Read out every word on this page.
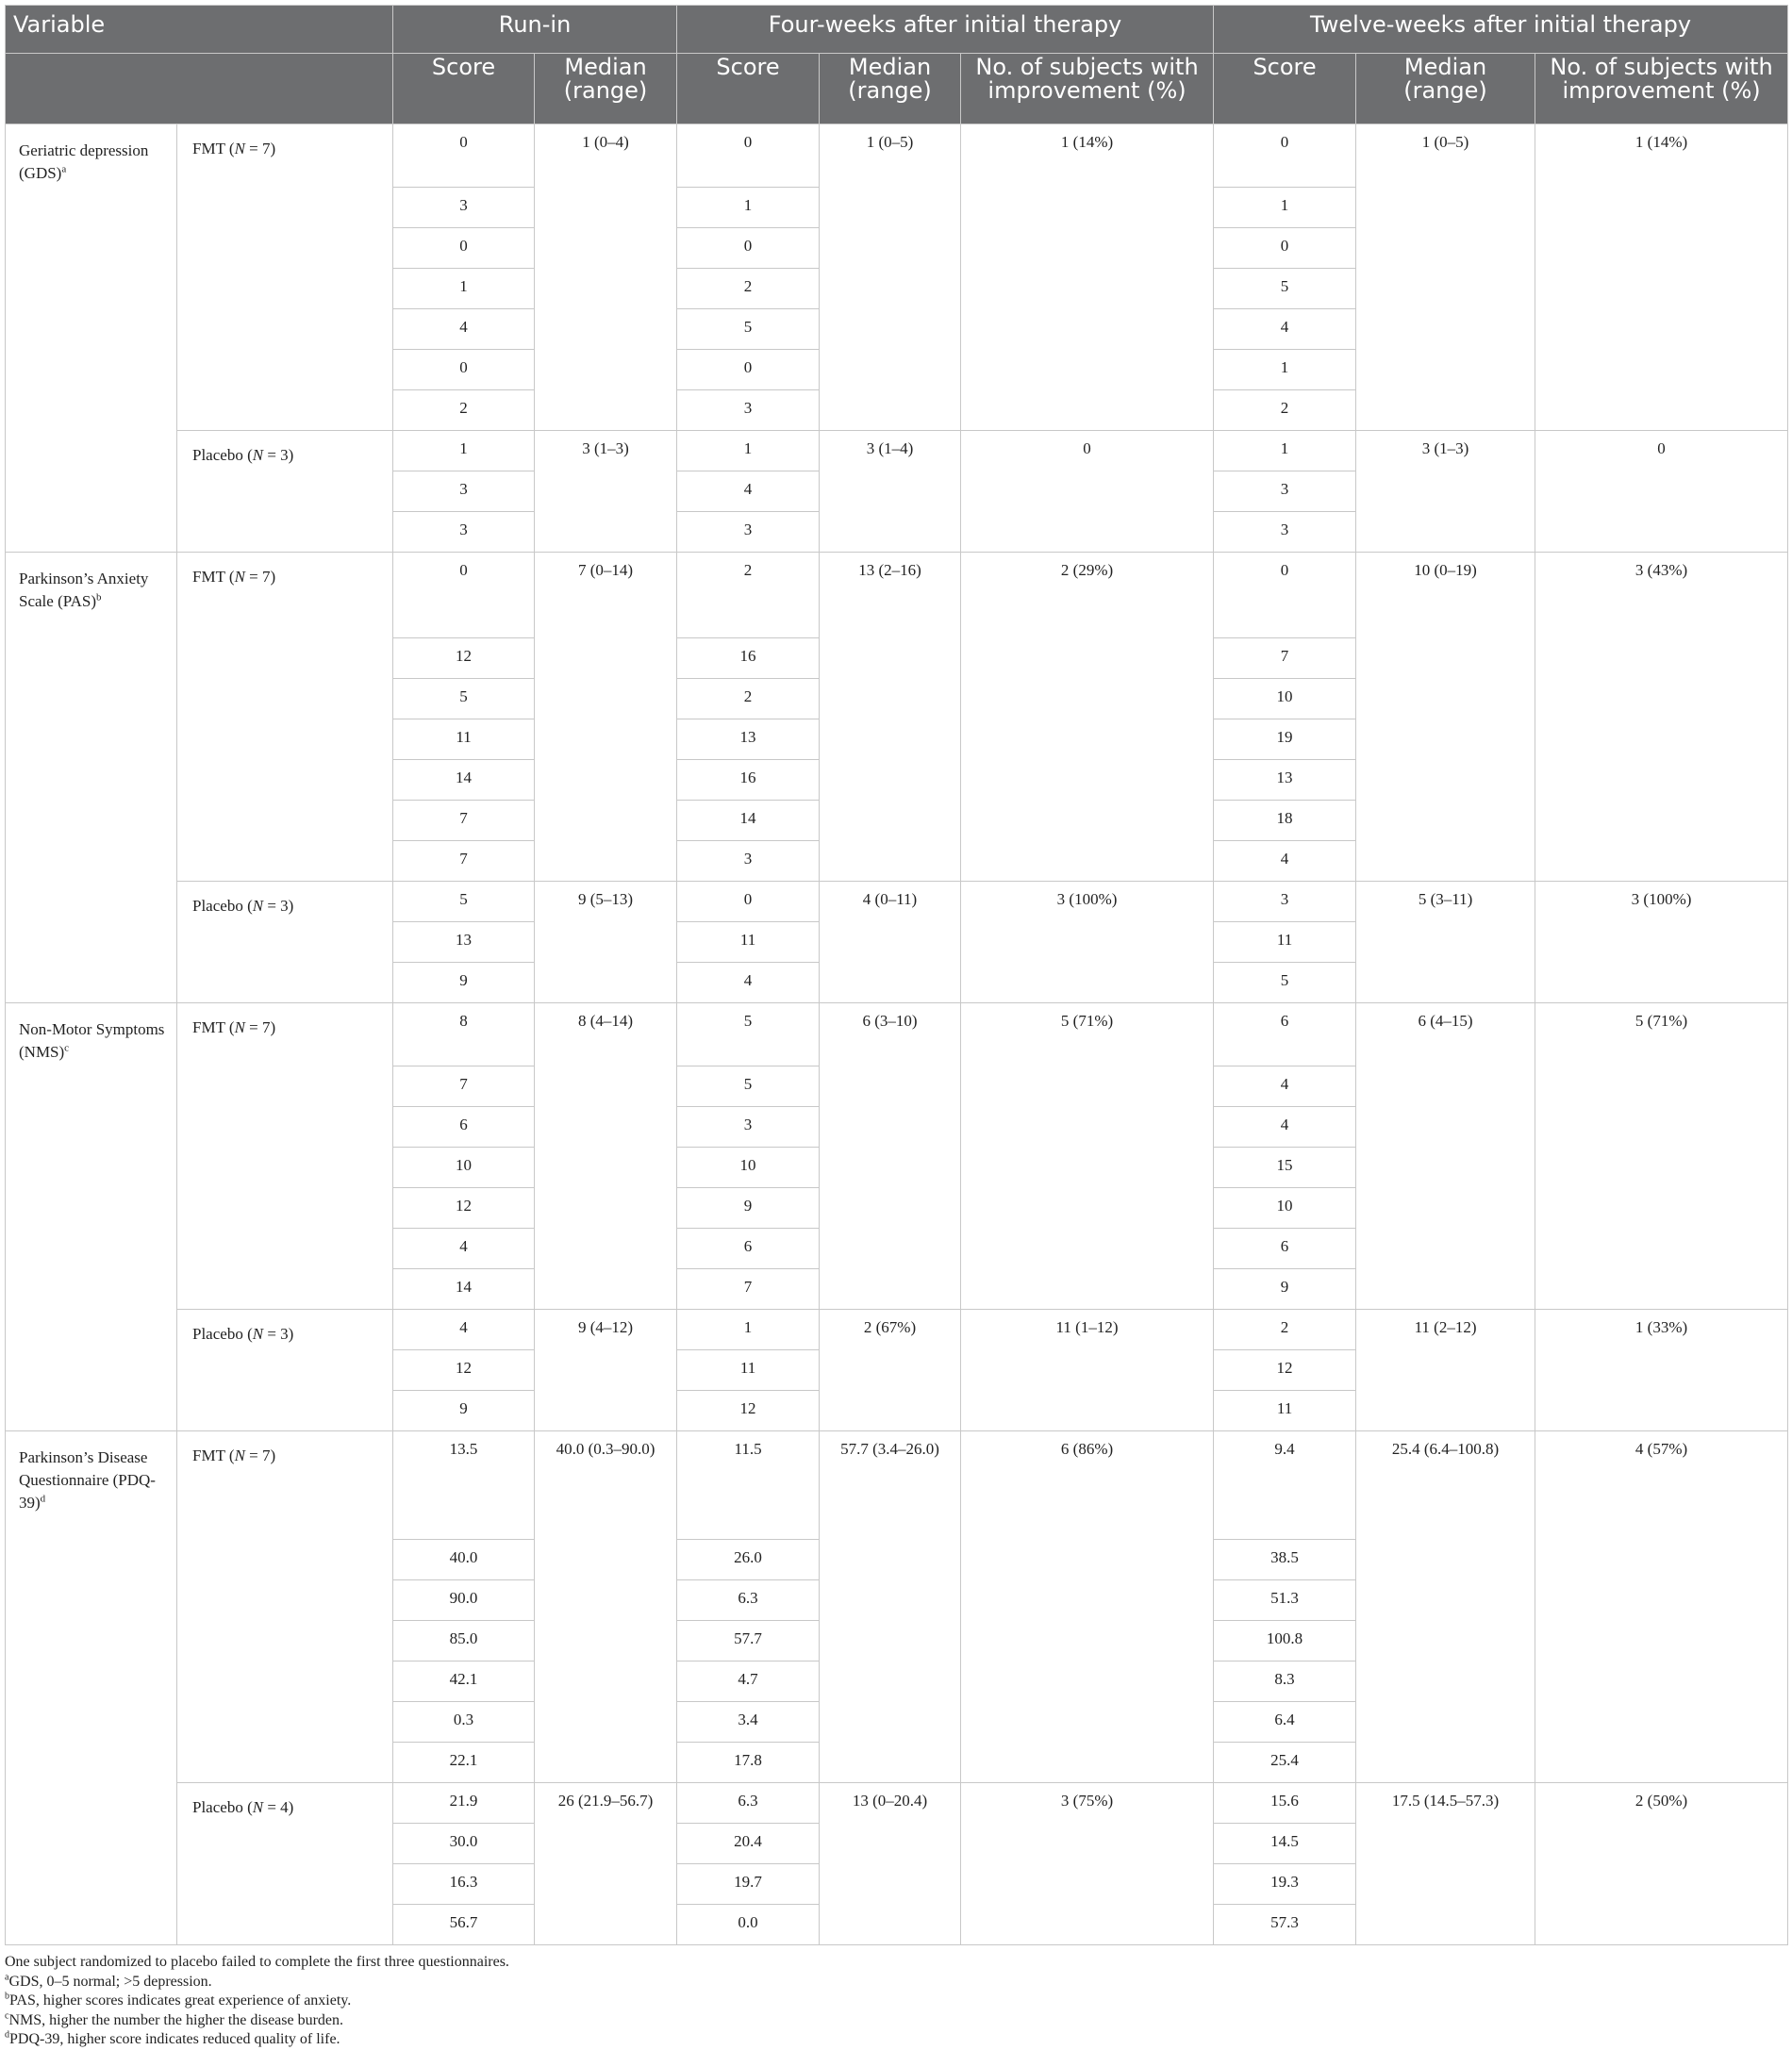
Variable		Run-in		Four-weeks after initial therapy			Twelve-weeks after initial therapy		
		Score	Median (range)	Score	Median (range)	No. of subjects with improvement (%)	Score	Median (range)	No. of subjects with improvement (%)
Geriatric depression (GDS)$^a$	FMT (N = 7)	0	1 (0–4)	0	1 (0–5)	1 (14%)	0	1 (0–5)	1 (14%)
		3		1			1		
		0		0			0		
		1		2			5		
		4		5			4		
		0		0			1		
		2		3			2		
	Placebo (N = 3)	1	3 (1–3)	1	3 (1–4)	0	1	3 (1–3)	0
		3		4			3		
		3		3			3		
Parkinson’s Anxiety Scale (PAS)$^b$	FMT (N = 7)	0	7 (0–14)	2	13 (2–16)	2 (29%)	0	10 (0–19)	3 (43%)
		12		16			7		
		5		2			10		
		11		13			19		
		14		16			13		
		7		14			18		
		7		3			4		
	Placebo (N = 3)	5	9 (5–13)	0	4 (0–11)	3 (100%)	3	5 (3–11)	3 (100%)
		13		11			11		
		9		4			5		
Non-Motor Symptoms (NMS)$^c$	FMT (N = 7)	8	8 (4–14)	5	6 (3–10)	5 (71%)	6	6 (4–15)	5 (71%)
		7		5			4		
		6		3			4		
		10		10			15		
		12		9			10		
		4		6			6		
		14		7			9		
	Placebo (N = 3)	4	9 (4–12)	1	2 (67%)	11 (1–12)	2	11 (2–12)	1 (33%)
		12		11			12		
		9		12			11		
Parkinson’s Disease Questionnaire $(PDQ-39)^d$	FMT (N = 7)	13.5	40.0 (0.3–90.0)	11.5	57.7 (3.4–26.0)	6 (86%)	9.4	25.4 (6.4–100.8)	4 (57%)
		40.0		26.0			38.5		
		90.0		6.3			51.3		
		85.0		57.7			100.8		
		42.1		4.7			8.3		
		0.3		3.4			6.4		
		22.1		17.8			25.4		
	Placebo (N = 4)	21.9	26 (21.9–56.7)	6.3	13 (0–20.4)	3 (75%)	15.6	17.5 (14.5–57.3)	2 (50%)
		30.0		20.4			14.5		
		16.3		19.7			19.3		
		56.7		0.0			57.3		
One subject randomized to placebo failed to complete the first three questionnaires.
$^a$GDS, 0–5 normal; >5 depression.
$^b$PAS, higher scores indicates great experience of anxiety.
$^c$NMS, higher the number the higher the disease burden.
$^d$PDQ-39, higher score indicates reduced quality of life.
